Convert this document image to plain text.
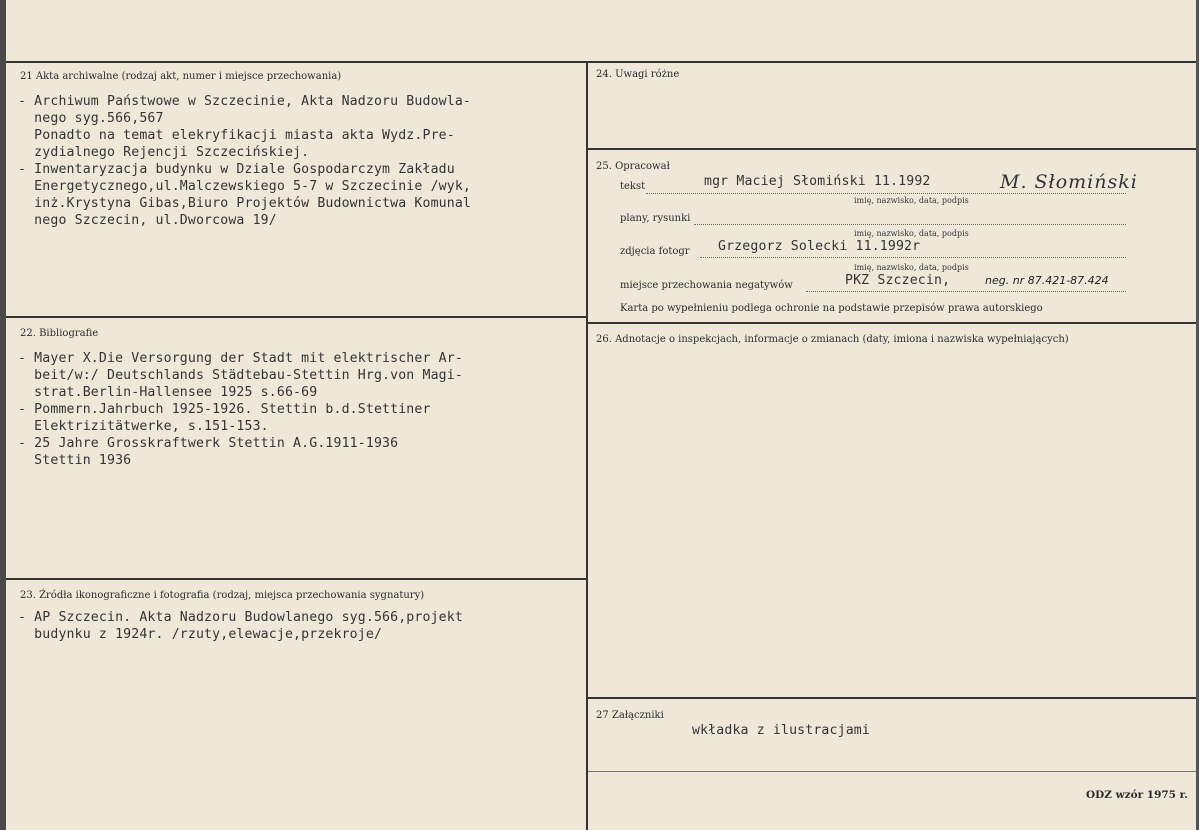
21 Akta archiwalne (rodzaj akt, numer i miejsce przechowania)
- Archiwum Państwowe w Szczecinie, Akta Nadzoru Budowla-
nego syg.566,567
Ponadto na temat elekryfikacji miasta akta Wydz.Pre-
zydialnego Rejencji Szczecińskiej.
- Inwentaryzacja budynku w Dziale Gospodarczym Zakładu
Energetycznego,ul.Malczewskiego 5-7 w Szczecinie /wyk,
inż.Krystyna Gibas,Biuro Projektów Budownictwa Komunal
nego Szczecin, ul.Dworcowa 19/
22. Bibliografie
- Mayer X.Die Versorgung der Stadt mit elektrischer Ar-
beit/w:/ Deutschlands Städtebau-Stettin Hrg.von Magi-
strat.Berlin-Hallensee 1925 s.66-69
- Pommern.Jahrbuch 1925-1926. Stettin b.d.Stettiner
Elektrizitätwerke, s.151-153.
- 25 Jahre Grosskraftwerk Stettin A.G.1911-1936
Stettin 1936
23. Źródła ikonograficzne i fotografia (rodzaj, miejsca przechowania sygnatury)
- AP Szczecin. Akta Nadzoru Budowlanego syg.566,projekt
budynku z 1924r. /rzuty,elewacje,przekroje/
24. Uwagi różne
25. Opracował
tekst	mgr Maciej Słomiński 11.1992	M. Słomiński
imię, nazwisko, data, podpis
plany, rysunki
imię, nazwisko, data, podpis
zdjęcia fotogr Grzegorz Solecki 11.1992r
imię, nazwisko, data, podpis
miejsce przechowania negatywów	PKZ Szczecin,	neg. nr 87.421-87.424
Karta po wypełnieniu podlega ochronie na podstawie przepisów prawa autorskiego
26. Adnotacje o inspekcjach, informacje o zmianach (daty, imiona i nazwiska wypełniających)
27 Załączniki
wkładka z ilustracjami
ODZ wzór 1975 r.
